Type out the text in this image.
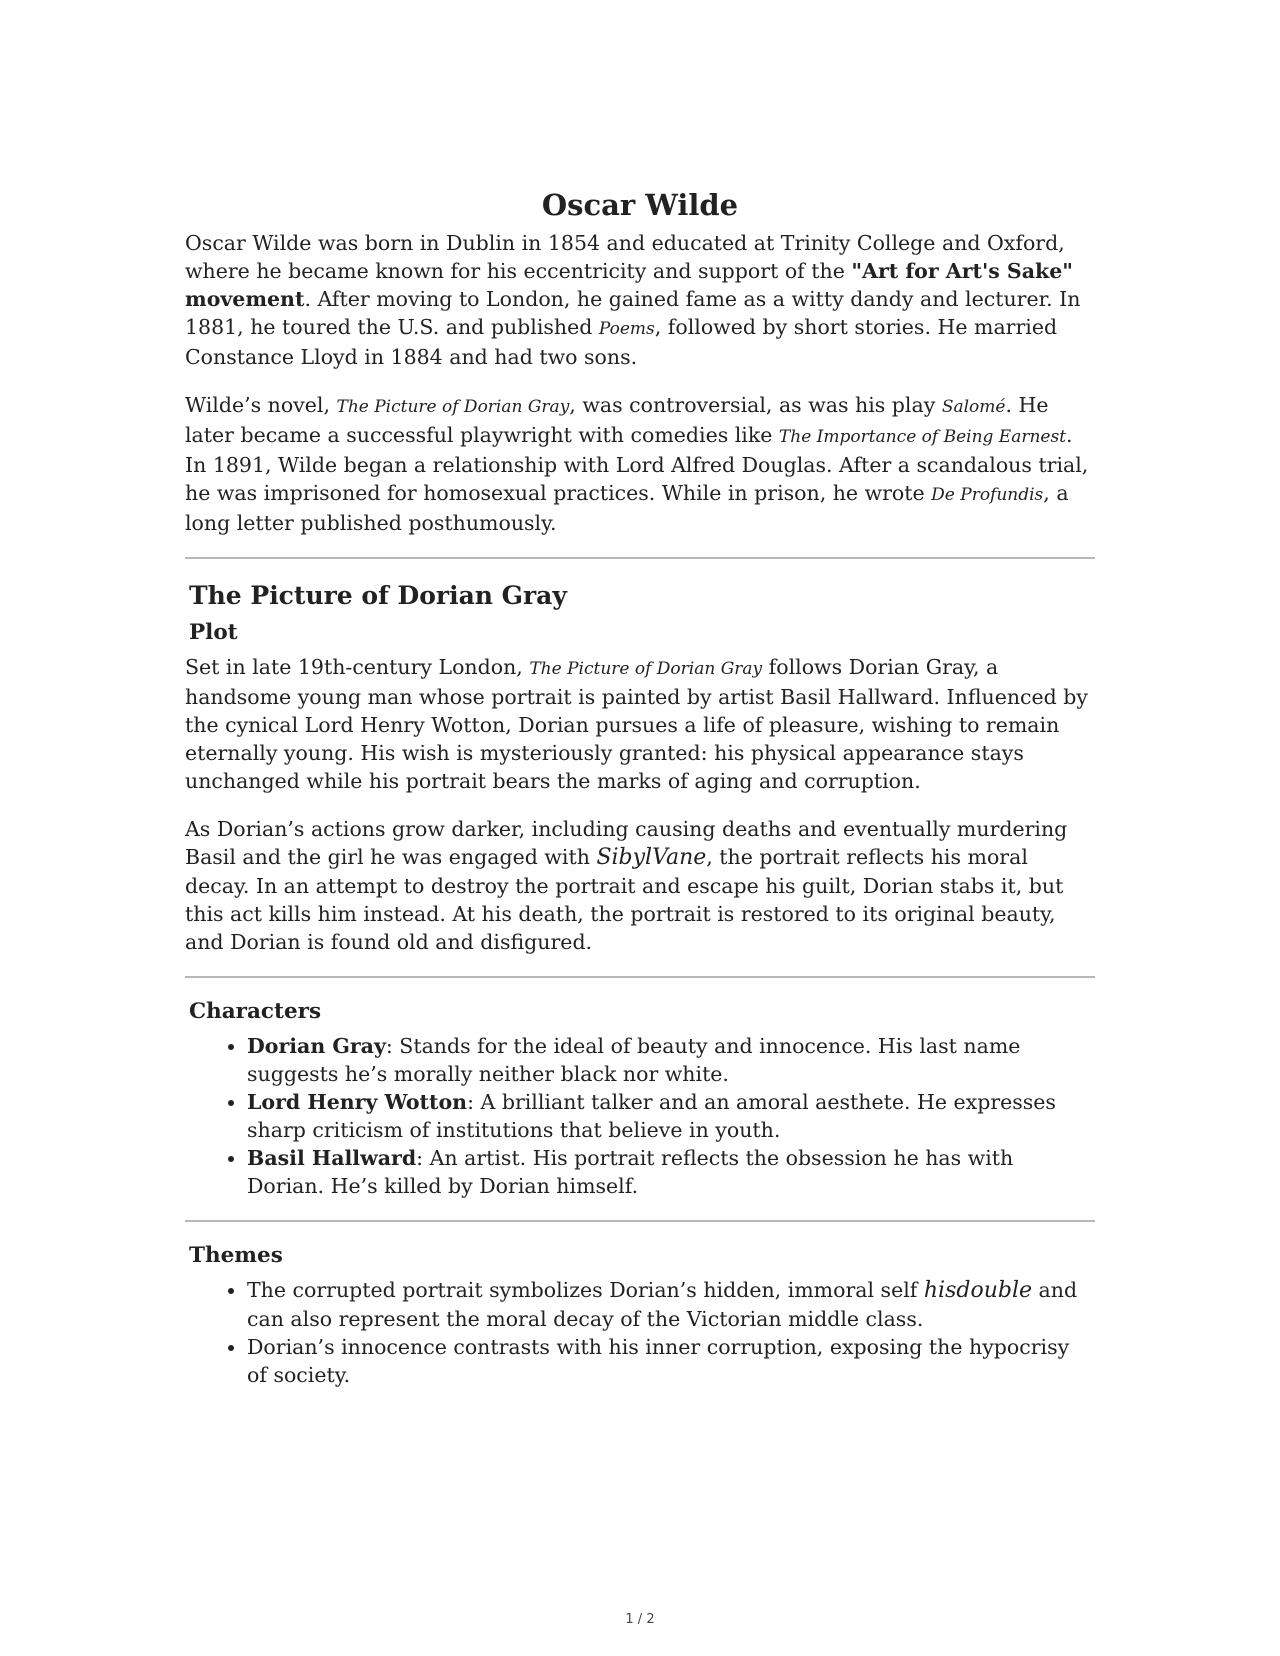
Oscar Wilde

Oscar Wilde was born in Dublin in 1854 and educated at Trinity College and Oxford, where he became known for his eccentricity and support of the "Art for Art's Sake" movement. After moving to London, he gained fame as a witty dandy and lecturer. In 1881, he toured the U.S. and published Poems, followed by short stories. He married Constance Lloyd in 1884 and had two sons.

Wilde’s novel, The Picture of Dorian Gray, was controversial, as was his play Salomé. He later became a successful playwright with comedies like The Importance of Being Earnest. In 1891, Wilde began a relationship with Lord Alfred Douglas. After a scandalous trial, he was imprisoned for homosexual practices. While in prison, he wrote De Profundis, a long letter published posthumously.

The Picture of Dorian Gray
Plot

Set in late 19th-century London, The Picture of Dorian Gray follows Dorian Gray, a handsome young man whose portrait is painted by artist Basil Hallward. Influenced by the cynical Lord Henry Wotton, Dorian pursues a life of pleasure, wishing to remain eternally young. His wish is mysteriously granted: his physical appearance stays unchanged while his portrait bears the marks of aging and corruption.

As Dorian’s actions grow darker, including causing deaths and eventually murdering Basil and the girl he was engaged with SibylVane, the portrait reflects his moral decay. In an attempt to destroy the portrait and escape his guilt, Dorian stabs it, but this act kills him instead. At his death, the portrait is restored to its original beauty, and Dorian is found old and disfigured.

Characters
• Dorian Gray: Stands for the ideal of beauty and innocence. His last name suggests he’s morally neither black nor white.
• Lord Henry Wotton: A brilliant talker and an amoral aesthete. He expresses sharp criticism of institutions that believe in youth.
• Basil Hallward: An artist. His portrait reflects the obsession he has with Dorian. He’s killed by Dorian himself.
Themes
• The corrupted portrait symbolizes Dorian’s hidden, immoral self hisdouble and can also represent the moral decay of the Victorian middle class.
• Dorian’s innocence contrasts with his inner corruption, exposing the hypocrisy of society.
1 / 2
